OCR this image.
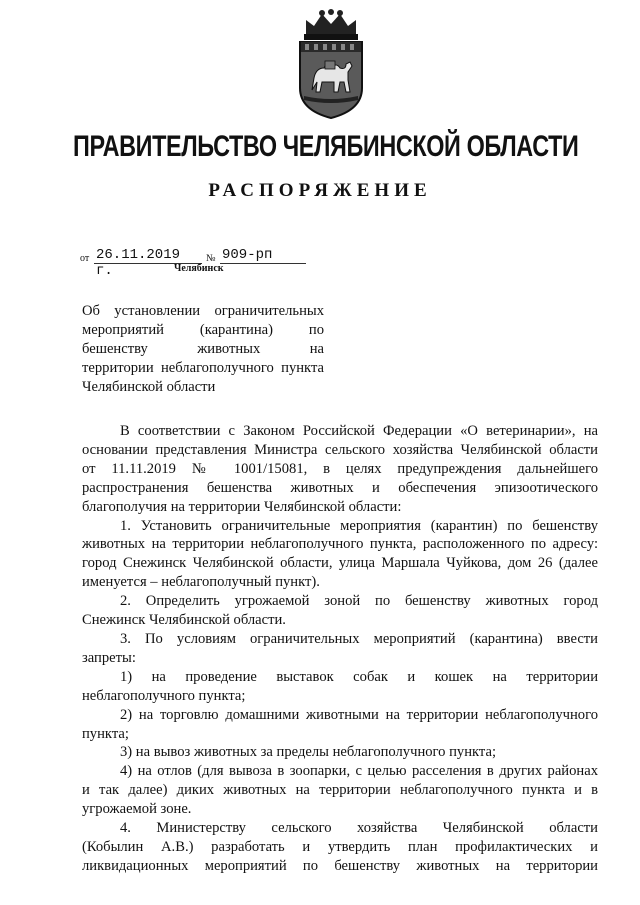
ПРАВИТЕЛЬСТВО ЧЕЛЯБИНСКОЙ ОБЛАСТИ
РАСПОРЯЖЕНИЕ
от 26.11.2019 г.
№ 909-рп
Челябинск
Об установлении ограничительных
мероприятий (карантина) по
бешенству животных на
территории неблагополучного пункта
Челябинской области
В соответствии с Законом Российской Федерации «О ветеринарии», на
основании представления Министра сельского хозяйства Челябинской области
от 11.11.2019 № 1001/15081, в целях предупреждения дальнейшего
распространения бешенства животных и обеспечения эпизоотического
благополучия на территории Челябинской области:
1. Установить ограничительные мероприятия (карантин) по бешенству
животных на территории неблагополучного пункта, расположенного по адресу:
город Снежинск Челябинской области, улица Маршала Чуйкова, дом 26 (далее
именуется – неблагополучный пункт).
2. Определить угрожаемой зоной по бешенству животных город
Снежинск Челябинской области.
3. По условиям ограничительных мероприятий (карантина) ввести
запреты:
1) на проведение выставок собак и кошек на территории
неблагополучного пункта;
2) на торговлю домашними животными на территории неблагополучного
пункта;
3) на вывоз животных за пределы неблагополучного пункта;
4) на отлов (для вывоза в зоопарки, с целью расселения в других районах
и так далее) диких животных на территории неблагополучного пункта и в
угрожаемой зоне.
4. Министерству сельского хозяйства Челябинской области
(Кобылин А.В.) разработать и утвердить план профилактических и
ликвидационных мероприятий по бешенству животных на территории
